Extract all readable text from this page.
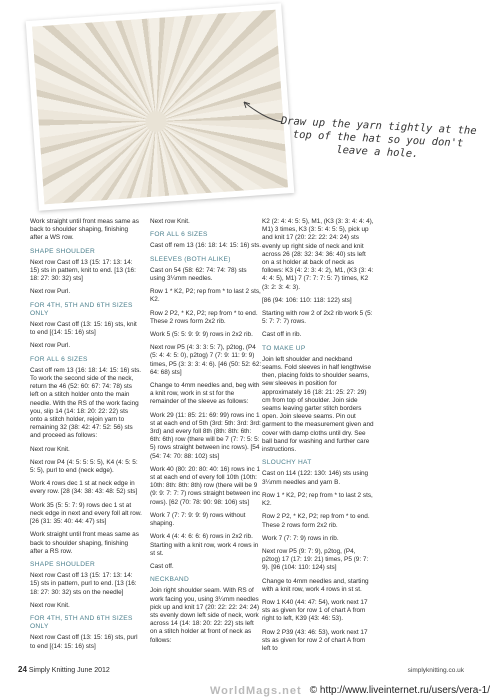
Draw up the yarn tightly at the top of the hat so you don't leave a hole.

Work straight until front meas same as back to shoulder shaping, finishing after a WS row.

SHAPE SHOULDER

Next row Cast off 13 (15: 17: 13: 14: 15) sts in pattern, knit to end. [13 (16: 18: 27: 30: 32) sts]

Next row Purl.

FOR 4TH, 5TH AND 6TH SIZES ONLY

Next row Cast off (13: 15: 16) sts, knit to end [(14: 15: 16) sts]

Next row Purl.

FOR ALL 6 SIZES

Cast off rem 13 (16: 18: 14: 15: 16) sts. To work the second side of the neck, return the 46 (52: 60: 67: 74: 78) sts left on a stitch holder onto the main needle. With the RS of the work facing you, slip 14 (14: 18: 20: 22: 22) sts onto a stitch holder, rejoin yarn to remaining 32 (38: 42: 47: 52: 56) sts and proceed as follows:

Next row Knit.

Next row P4 (4: 5: 5: 5: 5), K4 (4: 5: 5: 5: 5), purl to end (neck edge).

Work 4 rows dec 1 st at neck edge in every row. [28 (34: 38: 43: 48: 52) sts]

Work 35 (5: 5: 7: 9) rows dec 1 st at neck edge in next and every foll alt row. [26 (31: 35: 40: 44: 47) sts]

Work straight until front meas same as back to shoulder shaping, finishing after a RS row.

SHAPE SHOULDER

Next row Cast off 13 (15: 17: 13: 14: 15) sts in pattern, purl to end. [13 (16: 18: 27: 30: 32) sts on the needle]

Next row Knit.

FOR 4TH, 5TH AND 6TH SIZES ONLY

Next row Cast off (13: 15: 16) sts, purl to end [(14: 15: 16) sts]

Next row Knit.

FOR ALL 6 SIZES

Cast off rem 13 (16: 18: 14: 15: 16) sts.

SLEEVES (BOTH ALIKE)

Cast on 54 (58: 62: 74: 74: 78) sts using 3¼mm needles.

Row 1 * K2, P2; rep from * to last 2 sts, K2.

Row 2 P2, * K2, P2; rep from * to end. These 2 rows form 2x2 rib.

Work 5 (5: 5: 9: 9: 9) rows in 2x2 rib.

Next row P5 (4: 3: 3: 5: 7), p2tog, (P4 (5: 4: 4: 5: 0), p2tog) 7 (7: 9: 11: 9: 9) times, P5 (3: 3: 3: 4: 6). [46 (50: 52: 62: 64: 68) sts]

Change to 4mm needles and, beg with a knit row, work in st st for the remainder of the sleeve as follows:

Work 29 (11: 85: 21: 69: 99) rows inc 1 st at each end of 5th (3rd: 5th: 3rd: 3rd: 3rd) and every foll 8th (8th: 8th: 6th: 6th: 6th) row (there will be 7 (7: 7: 5: 5: 5) rows straight between inc rows). [54 (54: 74: 70: 88: 102) sts]

Work 40 (80: 20: 80: 40: 16) rows inc 1 st at each end of every foll 10th (10th: 10th: 8th: 8th: 8th) row (there will be 9 (9: 9: 7: 7: 7) rows straight between inc rows). [62 (70: 78: 90: 98: 106) sts]

Work 7 (7: 7: 9: 9: 9) rows without shaping.

Work 4 (4: 4: 6: 6: 6) rows in 2x2 rib. Starting with a knit row, work 4 rows in st st.

Cast off.

NECKBAND

Join right shoulder seam. With RS of work facing you, using 3¼mm needles pick up and knit 17 (20: 22: 22: 24: 24) sts evenly down left side of neck, work across 14 (14: 18: 20: 22: 22) sts left on a stitch holder at front of neck as follows:

K2 (2: 4: 4: 5: 5), M1, (K3 (3: 3: 4: 4: 4), M1) 3 times, K3 (3: 5: 4: 5: 5), pick up and knit 17 (20: 22: 22: 24: 24) sts evenly up right side of neck and knit across 26 (28: 32: 34: 36: 40) sts left on a st holder at back of neck as follows: K3 (4: 2: 3: 4: 2), M1, (K3 (3: 4: 4: 4: 5), M1) 7 (7: 7: 7: 5: 7) times, K2 (3: 2: 3: 4: 3).

[86 (94: 106: 110: 118: 122) sts]

Starting with row 2 of 2x2 rib work 5 (5: 5: 7: 7: 7) rows.

Cast off in rib.

TO MAKE UP

Join left shoulder and neckband seams. Fold sleeves in half lengthwise then, placing folds to shoulder seams, sew sleeves in position for approximately 16 (18: 21: 25: 27: 29) cm from top of shoulder. Join side seams leaving garter stitch borders open. Join sleeve seams. Pin out garment to the measurement given and cover with damp cloths until dry. See ball band for washing and further care instructions.

SLOUCHY HAT

Cast on 114 (122: 130: 146) sts using 3¼mm needles and yarn B.

Row 1 * K2, P2; rep from * to last 2 sts, K2.

Row 2 P2, * K2, P2; rep from * to end. These 2 rows form 2x2 rib.

Work 7 (7: 7: 9) rows in rib.

Next row P5 (9: 7: 9), p2tog, (P4, p2tog) 17 (17: 19: 21) times, P5 (9: 7: 9). [96 (104: 110: 124) sts]

Change to 4mm needles and, starting with a knit row, work 4 rows in st st.

Row 1 K40 (44: 47: 54), work next 17 sts as given for row 1 of chart A from right to left, K39 (43: 46: 53).

Row 2 P39 (43: 46: 53), work next 17 sts as given for row 2 of chart A from left to

24 Simply Knitting June 2012	simplyknitting.co.uk
WorldMags.net © http://www.liveinternet.ru/users/vera-1/
